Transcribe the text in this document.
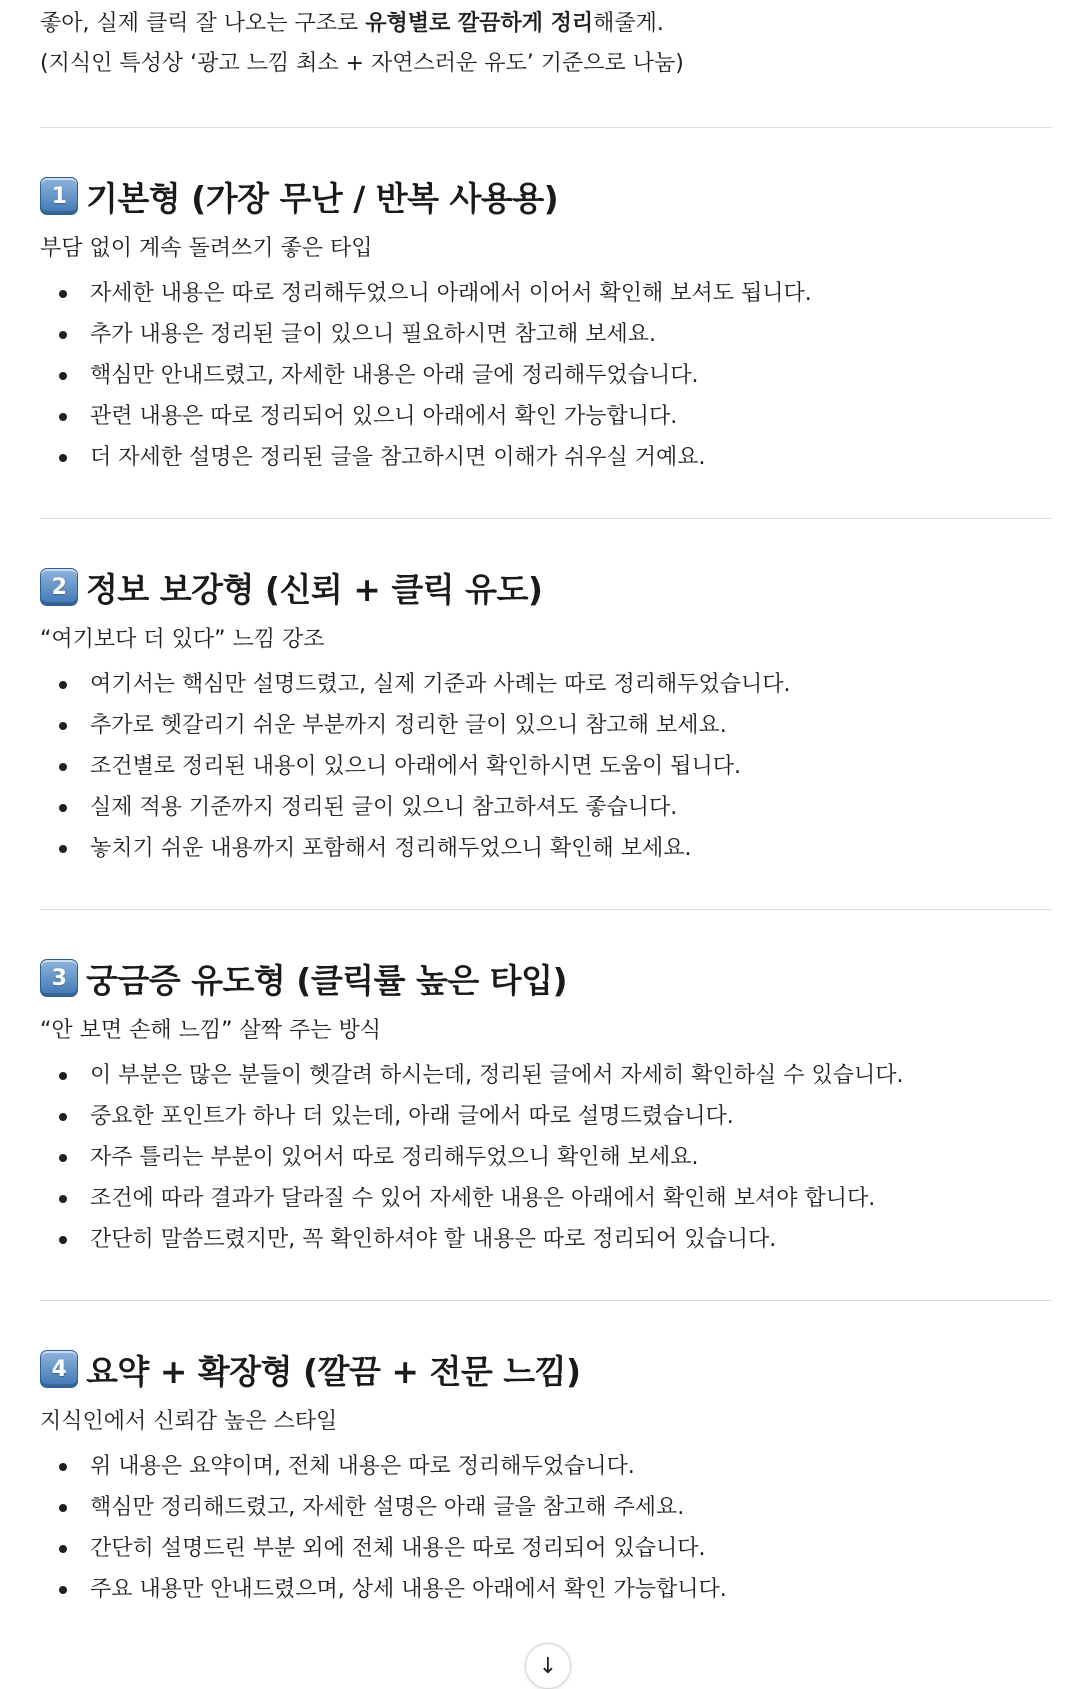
좋아, 실제 클릭 잘 나오는 구조로 유형별로 깔끔하게 정리해줄게.

(지식인 특성상 ‘광고 느낌 최소 + 자연스러운 유도’ 기준으로 나눔)

1 기본형 (가장 무난 / 반복 사용용)

부담 없이 계속 돌려쓰기 좋은 타입

자세한 내용은 따로 정리해두었으니 아래에서 이어서 확인해 보셔도 됩니다.
추가 내용은 정리된 글이 있으니 필요하시면 참고해 보세요.
핵심만 안내드렸고, 자세한 내용은 아래 글에 정리해두었습니다.
관련 내용은 따로 정리되어 있으니 아래에서 확인 가능합니다.
더 자세한 설명은 정리된 글을 참고하시면 이해가 쉬우실 거예요.
2 정보 보강형 (신뢰 + 클릭 유도)

“여기보다 더 있다” 느낌 강조

여기서는 핵심만 설명드렸고, 실제 기준과 사례는 따로 정리해두었습니다.
추가로 헷갈리기 쉬운 부분까지 정리한 글이 있으니 참고해 보세요.
조건별로 정리된 내용이 있으니 아래에서 확인하시면 도움이 됩니다.
실제 적용 기준까지 정리된 글이 있으니 참고하셔도 좋습니다.
놓치기 쉬운 내용까지 포함해서 정리해두었으니 확인해 보세요.
3 궁금증 유도형 (클릭률 높은 타입)

“안 보면 손해 느낌” 살짝 주는 방식

이 부분은 많은 분들이 헷갈려 하시는데, 정리된 글에서 자세히 확인하실 수 있습니다.
중요한 포인트가 하나 더 있는데, 아래 글에서 따로 설명드렸습니다.
자주 틀리는 부분이 있어서 따로 정리해두었으니 확인해 보세요.
조건에 따라 결과가 달라질 수 있어 자세한 내용은 아래에서 확인해 보셔야 합니다.
간단히 말씀드렸지만, 꼭 확인하셔야 할 내용은 따로 정리되어 있습니다.
4 요약 + 확장형 (깔끔 + 전문 느낌)

지식인에서 신뢰감 높은 스타일

위 내용은 요약이며, 전체 내용은 따로 정리해두었습니다.
핵심만 정리해드렸고, 자세한 설명은 아래 글을 참고해 주세요.
간단히 설명드린 부분 외에 전체 내용은 따로 정리되어 있습니다.
주요 내용만 안내드렸으며, 상세 내용은 아래에서 확인 가능합니다.
↓
